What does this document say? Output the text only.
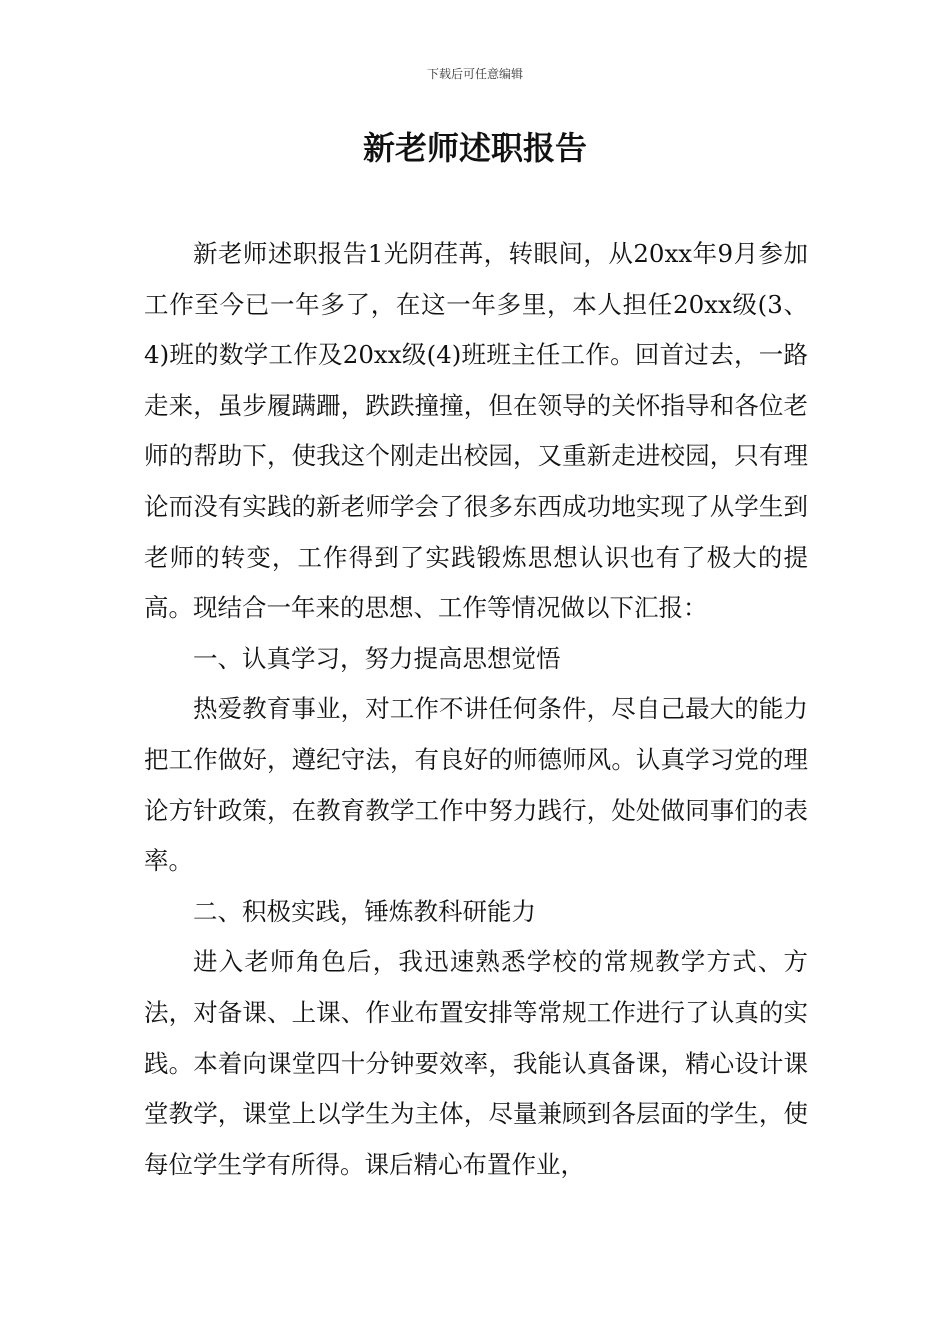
下载后可任意编辑
新老师述职报告

新老师述职报告1光阴荏苒，转眼间，从20xx年9月参加工作至今已一年多了，在这一年多里，本人担任20xx级(3、4)班的数学工作及20xx级(4)班班主任工作。回首过去，一路走来，虽步履蹒跚，跌跌撞撞，但在领导的关怀指导和各位老师的帮助下，使我这个刚走出校园，又重新走进校园，只有理论而没有实践的新老师学会了很多东西成功地实现了从学生到老师的转变，工作得到了实践锻炼思想认识也有了极大的提高。现结合一年来的思想、工作等情况做以下汇报：

一、认真学习，努力提高思想觉悟

热爱教育事业，对工作不讲任何条件，尽自己最大的能力把工作做好，遵纪守法，有良好的师德师风。认真学习党的理论方针政策，在教育教学工作中努力践行，处处做同事们的表率。

二、积极实践，锤炼教科研能力

进入老师角色后，我迅速熟悉学校的常规教学方式、方法，对备课、上课、作业布置安排等常规工作进行了认真的实践。本着向课堂四十分钟要效率，我能认真备课，精心设计课堂教学，课堂上以学生为主体，尽量兼顾到各层面的学生，使每位学生学有所得。课后精心布置作业，
